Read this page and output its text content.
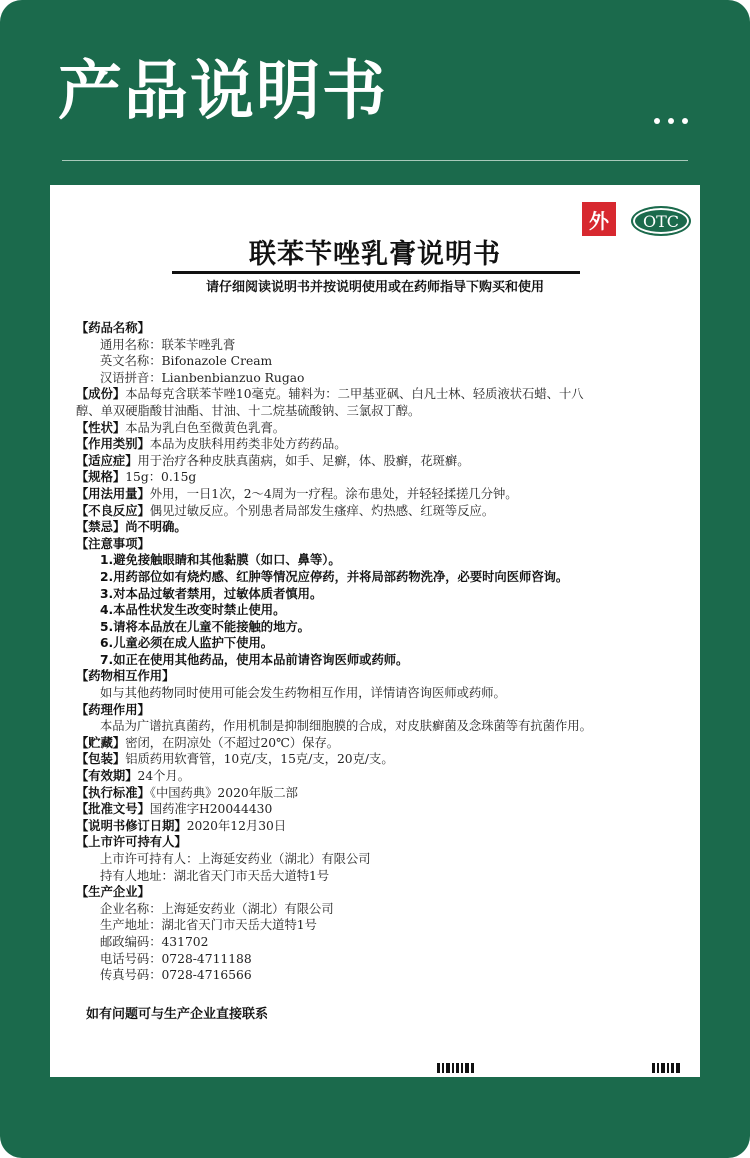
产品说明书
外	OTC
联苯苄唑乳膏说明书
请仔细阅读说明书并按说明使用或在药师指导下购买和使用
【药品名称】
通用名称：联苯苄唑乳膏
英文名称：Bifonazole Cream
汉语拼音：Lianbenbianzuo Rugao
【成份】本品每克含联苯苄唑10毫克。辅料为：二甲基亚砜、白凡士林、轻质液状石蜡、十八
醇、单双硬脂酸甘油酯、甘油、十二烷基硫酸钠、三氯叔丁醇。
【性状】本品为乳白色至微黄色乳膏。
【作用类别】本品为皮肤科用药类非处方药药品。
【适应症】用于治疗各种皮肤真菌病，如手、足癣，体、股癣，花斑癣。
【规格】15g：0.15g
【用法用量】外用，一日1次，2～4周为一疗程。涂布患处，并轻轻揉搓几分钟。
【不良反应】偶见过敏反应。个别患者局部发生瘙痒、灼热感、红斑等反应。
【禁忌】尚不明确。
【注意事项】
1.避免接触眼睛和其他黏膜（如口、鼻等）。
2.用药部位如有烧灼感、红肿等情况应停药，并将局部药物洗净，必要时向医师咨询。
3.对本品过敏者禁用，过敏体质者慎用。
4.本品性状发生改变时禁止使用。
5.请将本品放在儿童不能接触的地方。
6.儿童必须在成人监护下使用。
7.如正在使用其他药品，使用本品前请咨询医师或药师。
【药物相互作用】
如与其他药物同时使用可能会发生药物相互作用，详情请咨询医师或药师。
【药理作用】
本品为广谱抗真菌药，作用机制是抑制细胞膜的合成，对皮肤癣菌及念珠菌等有抗菌作用。
【贮藏】密闭，在阴凉处（不超过20℃）保存。
【包装】铝质药用软膏管，10克/支，15克/支，20克/支。
【有效期】24个月。
【执行标准】《中国药典》2020年版二部
【批准文号】国药准字H20044430
【说明书修订日期】2020年12月30日
【上市许可持有人】
上市许可持有人：上海延安药业（湖北）有限公司
持有人地址：湖北省天门市天岳大道特1号
【生产企业】
企业名称：上海延安药业（湖北）有限公司
生产地址：湖北省天门市天岳大道特1号
邮政编码：431702
电话号码：0728-4711188
传真号码：0728-4716566
如有问题可与生产企业直接联系
